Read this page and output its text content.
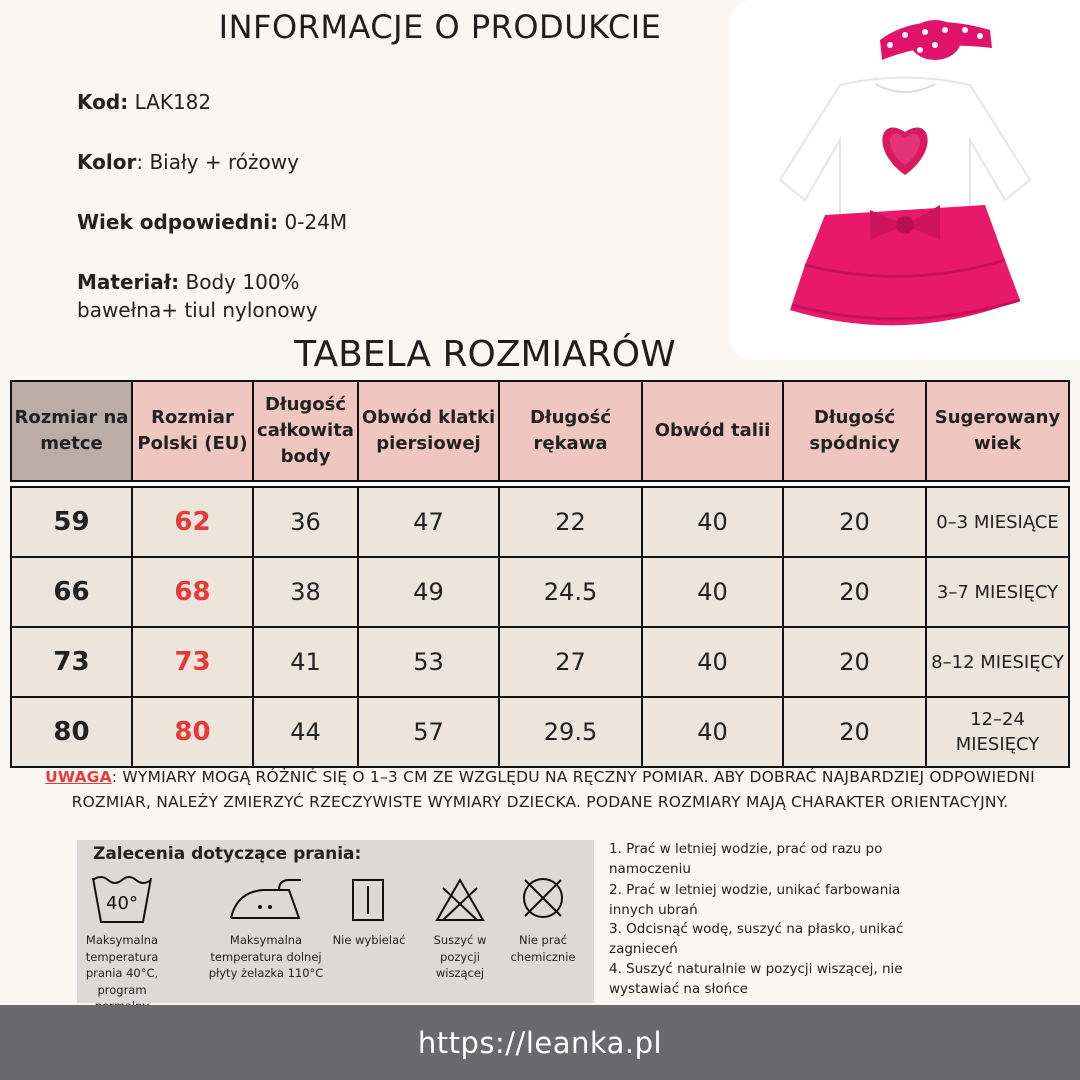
INFORMACJE O PRODUKCIE
Kod: LAK182
Kolor: Biały + różowy
Wiek odpowiedni: 0-24M
Materiał: Body 100% bawełna+ tiul nylonowy
TABELA ROZMIARÓW
Rozmiar na metce	Rozmiar Polski (EU)	Długość całkowita body	Obwód klatki piersiowej	Długość rękawa	Obwód talii	Długość spódnicy	Sugerowany wiek

59	62	36	47	22	40	20	0–3 MIESIĄCE
66	68	38	49	24.5	40	20	3–7 MIESIĘCY
73	73	41	53	27	40	20	8–12 MIESIĘCY
80	80	44	57	29.5	40	20	12–24 MIESIĘCY
UWAGA: WYMIARY MOGĄ RÓŻNIĆ SIĘ O 1–3 CM ZE WZGLĘDU NA RĘCZNY POMIAR. ABY DOBRAĆ NAJBARDZIEJ ODPOWIEDNI
ROZMIAR, NALEŻY ZMIERZYĆ RZECZYWISTE WYMIARY DZIECKA. PODANE ROZMIARY MAJĄ CHARAKTER ORIENTACYJNY.
Zalecenia dotyczące prania:
40°
Maksymalna temperatura prania 40°C, program
Maksymalna temperatura dolnej płyty żelazka 110°C
Nie wybielać	Suszyć w pozycji wiszącej
Nie prać chemicznie
1. Prać w letniej wodzie, prać od razu po namoczeniu
2. Prać w letniej wodzie, unikać farbowania innych ubrań
3. Odcisnąć wodę, suszyć na płasko, unikać zagnieceń
4. Suszyć naturalnie w pozycji wiszącej, nie wystawiać na słońce
https://leanka.pl
